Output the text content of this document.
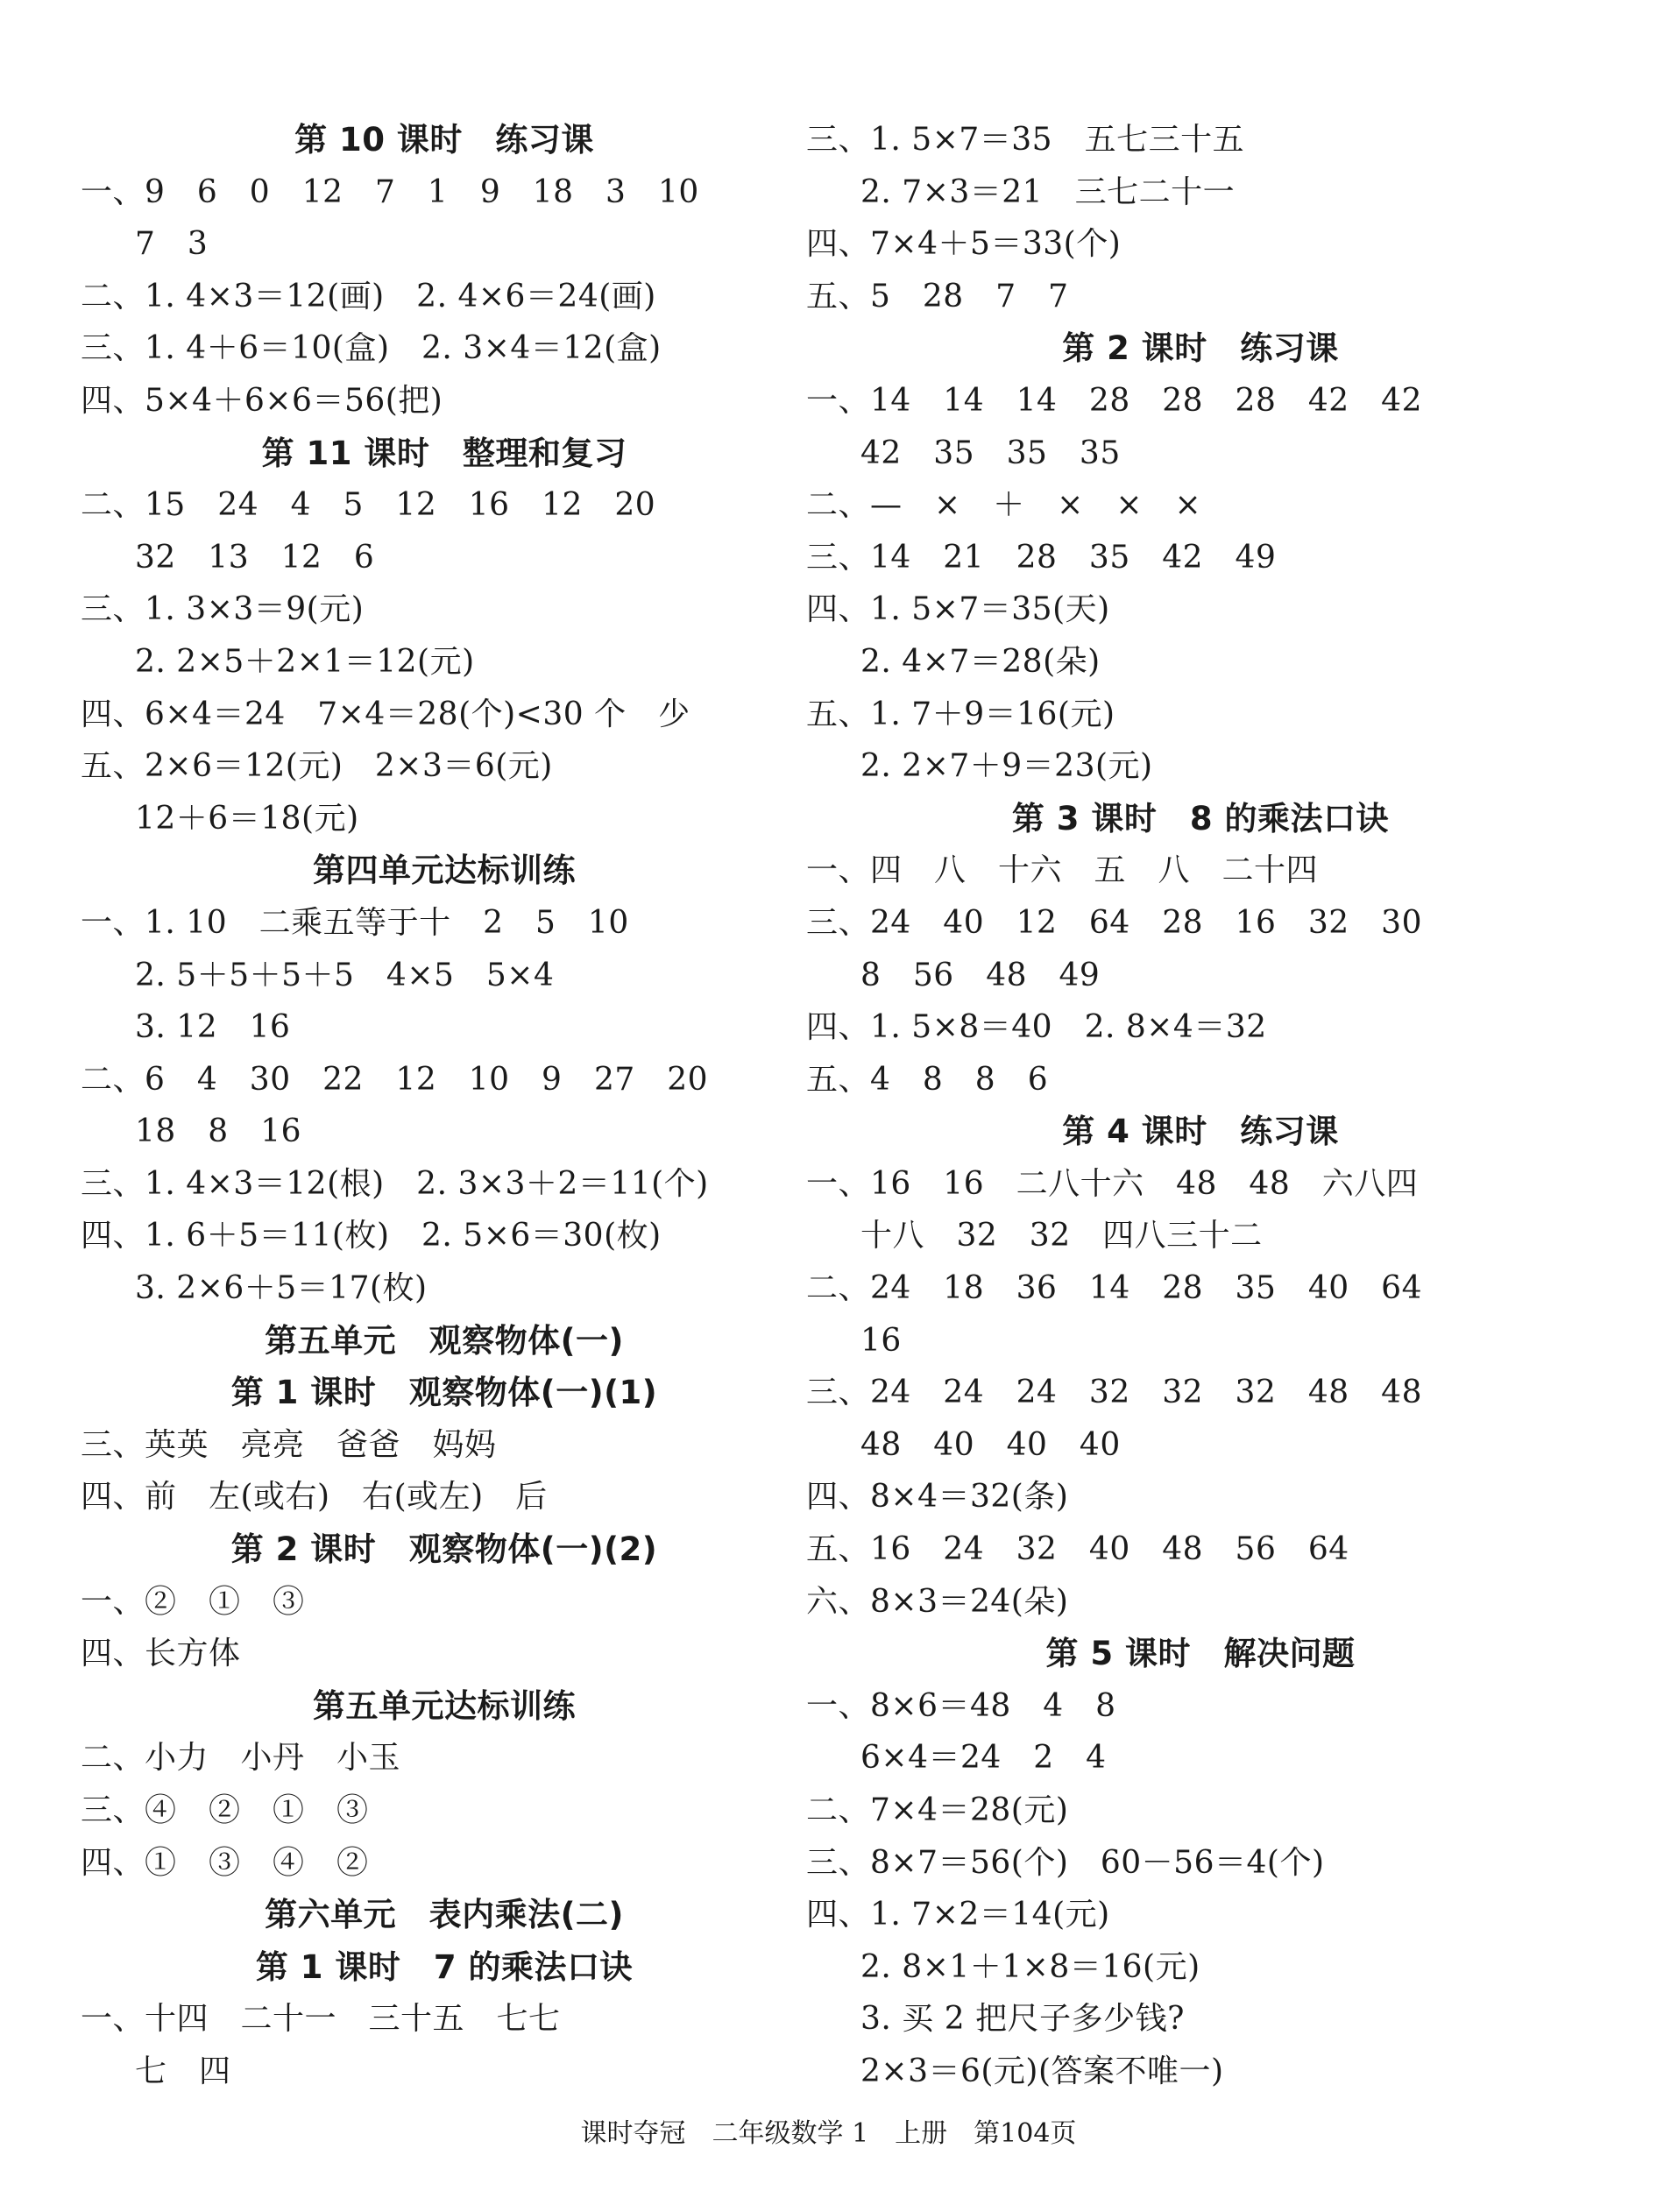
第 10 课时　练习课
一、9　6　0　12　7　1　9　18　3　10
7　3
二、1. 4×3＝12(画)　2. 4×6＝24(画)
三、1. 4＋6＝10(盒)　2. 3×4＝12(盒)
四、5×4＋6×6＝56(把)
第 11 课时　整理和复习
二、15　24　4　5　12　16　12　20
32　13　12　6
三、1. 3×3＝9(元)
2. 2×5＋2×1＝12(元)
四、6×4＝24　7×4＝28(个)<30 个　少
五、2×6＝12(元)　2×3＝6(元)
12＋6＝18(元)
第四单元达标训练
一、1. 10　二乘五等于十　2　5　10
2. 5＋5＋5＋5　4×5　5×4
3. 12　16
二、6　4　30　22　12　10　9　27　20
18　8　16
三、1. 4×3＝12(根)　2. 3×3＋2＝11(个)
四、1. 6＋5＝11(枚)　2. 5×6＝30(枚)
3. 2×6＋5＝17(枚)
第五单元　观察物体(一)
第 1 课时　观察物体(一)(1)
三、英英　亮亮　爸爸　妈妈
四、前　左(或右)　右(或左)　后
第 2 课时　观察物体(一)(2)
一、②　①　③
四、长方体
第五单元达标训练
二、小力　小丹　小玉
三、④　②　①　③
四、①　③　④　②
第六单元　表内乘法(二)
第 1 课时　7 的乘法口诀
一、十四　二十一　三十五　七七
七　四
三、1. 5×7＝35　五七三十五
2. 7×3＝21　三七二十一
四、7×4＋5＝33(个)
五、5　28　7　7
第 2 课时　练习课
一、14　14　14　28　28　28　42　42
42　35　35　35
二、—　×　＋　×　×　×
三、14　21　28　35　42　49
四、1. 5×7＝35(天)
2. 4×7＝28(朵)
五、1. 7＋9＝16(元)
2. 2×7＋9＝23(元)
第 3 课时　8 的乘法口诀
一、四　八　十六　五　八　二十四
三、24　40　12　64　28　16　32　30
8　56　48　49
四、1. 5×8＝40　2. 8×4＝32
五、4　8　8　6
第 4 课时　练习课
一、16　16　二八十六　48　48　六八四
十八　32　32　四八三十二
二、24　18　36　14　28　35　40　64
16
三、24　24　24　32　32　32　48　48
48　40　40　40
四、8×4＝32(条)
五、16　24　32　40　48　56　64
六、8×3＝24(朵)
第 5 课时　解决问题
一、8×6＝48　4　8
6×4＝24　2　4
二、7×4＝28(元)
三、8×7＝56(个)　60－56＝4(个)
四、1. 7×2＝14(元)
2. 8×1＋1×8＝16(元)
3. 买 2 把尺子多少钱?
2×3＝6(元)(答案不唯一)
课时夺冠　二年级数学 1　上册　第104页
